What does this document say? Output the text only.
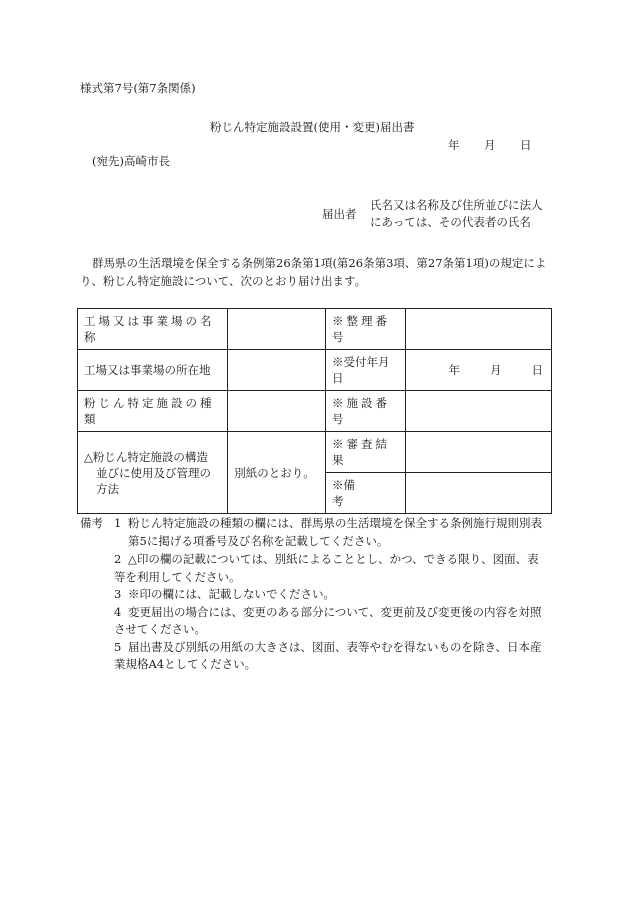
様式第7号(第7条関係)
粉じん特定施設設置(使用・変更)届出書
年 月 日
(宛先)高崎市長
届出者
氏名又は名称及び住所並びに法人
にあっては、その代表者の氏名
群馬県の生活環境を保全する条例第26条第1項(第26条第3項、第27条第1項)の規定によ
り、粉じん特定施設について、次のとおり届け出ます。
工場又は事業場の名称		※整理番号	
工場又は事業場の所在地		※受付年月日	年 月 日
粉じん特定施設の種類		※施設番号	

△粉じん特定施設の構造
並びに使用及び管理の
方法	別紙のとおり。	※審査結果	
		※備考	
備考 1 粉じん特定施設の種類の欄には、群馬県の生活環境を保全する条例施行規則別表
第5に掲げる項番号及び名称を記載してください。
2 △印の欄の記載については、別紙によることとし、かつ、できる限り、図面、表
等を利用してください。
3 ※印の欄には、記載しないでください。
4 変更届出の場合には、変更のある部分について、変更前及び変更後の内容を対照
させてください。
5 届出書及び別紙の用紙の大きさは、図面、表等やむを得ないものを除き、日本産
業規格A4としてください。
